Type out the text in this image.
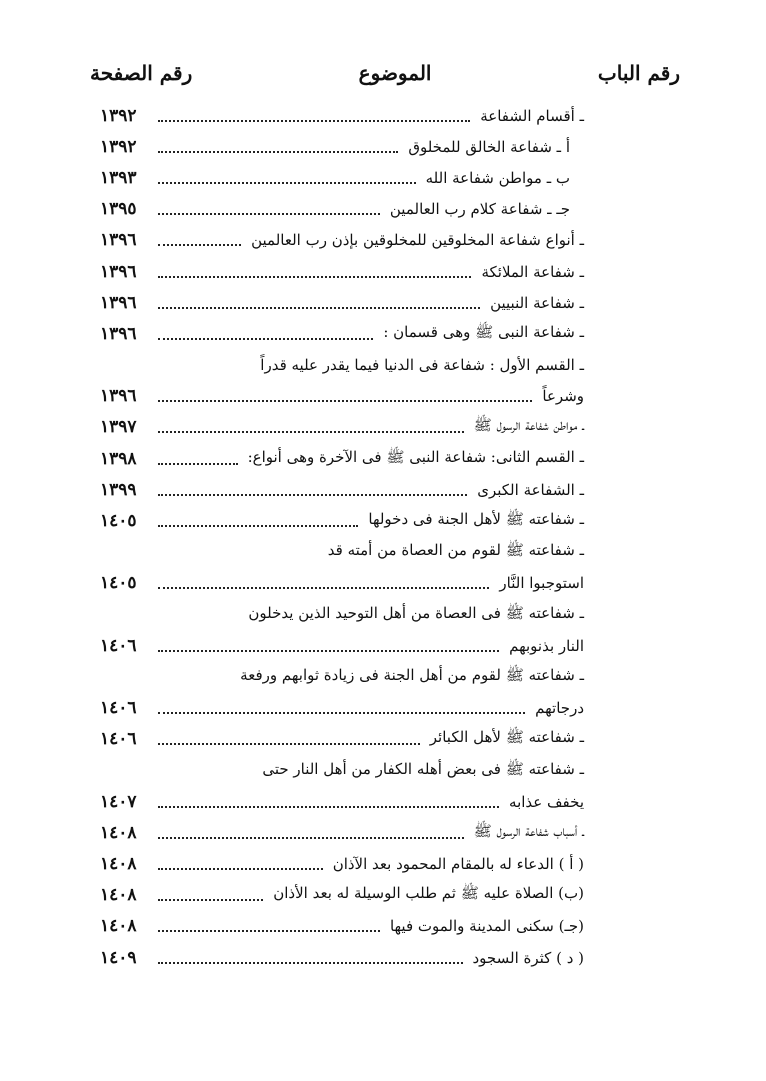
رقم الباب
الموضوع
رقم الصفحة
ـ أقسام الشفاعة
١٣٩٢
أ ـ شفاعة الخالق للمخلوق
١٣٩٢
ب ـ مواطن شفاعة الله
١٣٩٣
جـ ـ شفاعة كلام رب العالمين
١٣٩٥
ـ أنواع شفاعة المخلوقين للمخلوقين بإذن رب العالمين
١٣٩٦
ـ شفاعة الملائكة
١٣٩٦
ـ شفاعة النبيين
١٣٩٦
ـ شفاعة النبى ﷺ وهى قسمان :
١٣٩٦
ـ القسم الأول : شفاعة فى الدنيا فيما يقدر عليه قدراً
وشرعاً
١٣٩٦
ـ مواطن شفاعة الرسول ﷺ
١٣٩٧
ـ القسم الثانى: شفاعة النبى ﷺ فى الآخرة وهى أنواع:
١٣٩٨
ـ الشفاعة الكبرى
١٣٩٩
ـ شفاعته ﷺ لأهل الجنة فى دخولها
١٤٠٥
ـ شفاعته ﷺ لقوم من العصاة من أمته قد
استوجبوا النَّار
١٤٠٥
ـ شفاعته ﷺ فى العصاة من أهل التوحيد الذين يدخلون
النار بذنوبهم
١٤٠٦
ـ شفاعته ﷺ لقوم من أهل الجنة فى زيادة ثوابهم ورفعة
درجاتهم
١٤٠٦
ـ شفاعته ﷺ لأهل الكبائر
١٤٠٦
ـ شفاعته ﷺ فى بعض أهله الكفار من أهل النار حتى
يخفف عذابه
١٤٠٧
ـ أسباب شفاعة الرسول ﷺ
١٤٠٨
( أ ) الدعاء له بالمقام المحمود بعد الآذان
١٤٠٨
(ب) الصلاة عليه ﷺ ثم طلب الوسيلة له بعد الأذان
١٤٠٨
(جـ) سكنى المدينة والموت فيها
١٤٠٨
( د ) كثرة السجود
١٤٠٩
